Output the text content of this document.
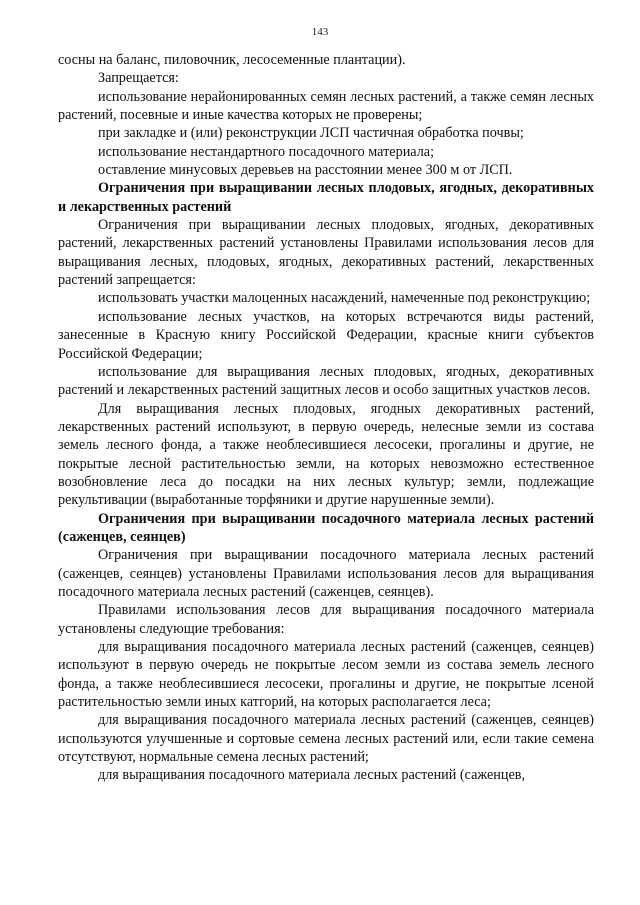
143

сосны на баланс, пиловочник, лесосеменные плантации).

Запрещается:

использование нерайонированных семян лесных растений, а также семян лесных растений, посевные и иные качества которых не проверены;

при закладке и (или) реконструкции ЛСП частичная обработка почвы;

использование нестандартного посадочного материала;

оставление минусовых деревьев на расстоянии менее 300 м от ЛСП.

Ограничения при выращивании лесных плодовых, ягодных, декоративных и лекарственных растений

Ограничения при выращивании лесных плодовых, ягодных, декоративных растений, лекарственных растений установлены Правилами использования лесов для выращивания лесных, плодовых, ягодных, декоративных растений, лекарственных растений запрещается:

использовать участки малоценных насаждений, намеченные под реконструкцию;

использование лесных участков, на которых встречаются виды растений, занесенные в Красную книгу Российской Федерации, красные книги субъектов Российской Федерации;

использование для выращивания лесных плодовых, ягодных, декоративных растений и лекарственных растений защитных лесов и особо защитных участков лесов.

Для выращивания лесных плодовых, ягодных декоративных растений, лекарственных растений используют, в первую очередь, нелесные земли из состава земель лесного фонда, а также необлесившиеся лесосеки, прогалины и другие, не покрытые лесной растительностью земли, на которых невозможно естественное возобновление леса до посадки на них лесных культур; земли, подлежащие рекультивации (выработанные торфяники и другие нарушенные земли).

Ограничения при выращивании посадочного материала лесных растений (саженцев, сеянцев)

Ограничения при выращивании посадочного материала лесных растений (саженцев, сеянцев) установлены Правилами использования лесов для выращивания посадочного материала лесных растений (саженцев, сеянцев).

Правилами использования лесов для выращивания посадочного материала установлены следующие требования:

для выращивания посадочного материала лесных растений (саженцев, сеянцев) используют в первую очередь не покрытые лесом земли из состава земель лесного фонда, а также необлесившиеся лесосеки, прогалины и другие, не покрытые лсеной растительностью земли иных катгорий, на которых располагается леса;

для выращивания посадочного материала лесных растений (саженцев, сеянцев) используются улучшенные и сортовые семена лесных растений или, если такие семена отсутствуют, нормальные семена лесных растений;

для выращивания посадочного материала лесных растений (саженцев,
